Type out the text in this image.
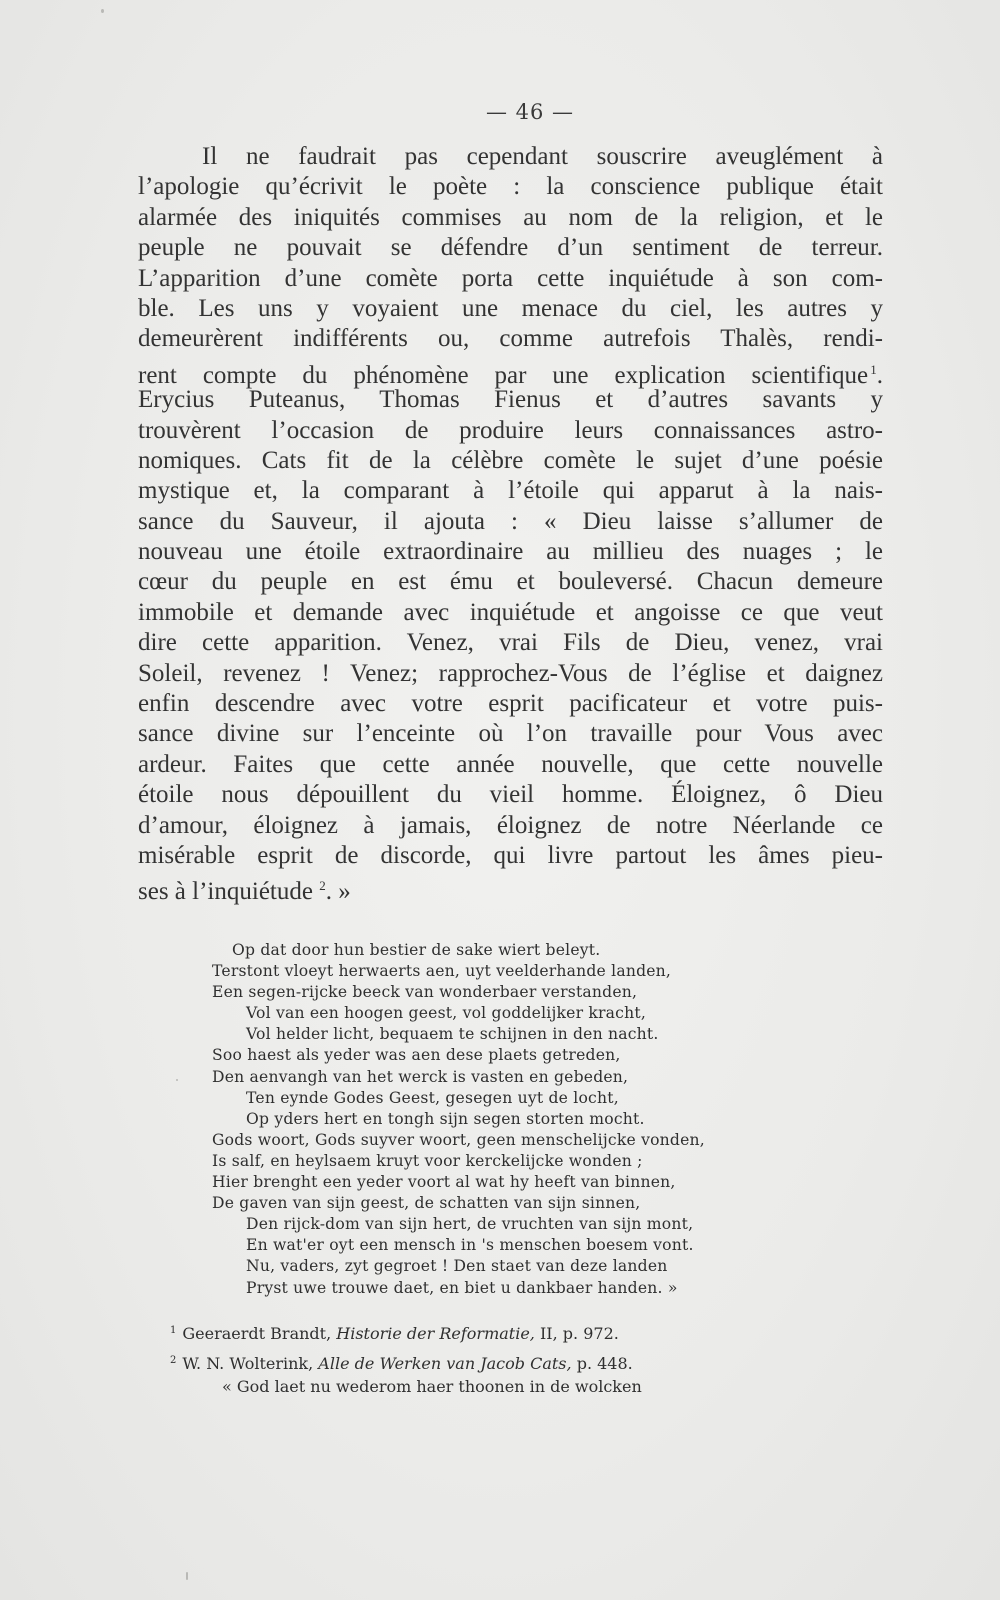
— 46 —
Il ne faudrait pas cependant souscrire aveuglément à
l’apologie qu’écrivit le poète : la conscience publique était
alarmée des iniquités commises au nom de la religion, et le
peuple ne pouvait se défendre d’un sentiment de terreur.
L’apparition d’une comète porta cette inquiétude à son com-
ble. Les uns y voyaient une menace du ciel, les autres y
demeurèrent indifférents ou, comme autrefois Thalès, rendi-
rent compte du phénomène par une explication scientifique  $^1$.
Erycius Puteanus, Thomas Fienus et d’autres savants y
trouvèrent l’occasion de produire leurs connaissances astro-
nomiques. Cats fit de la célèbre comète le sujet d’une poésie
mystique et, la comparant à l’étoile qui apparut à la nais-
sance du Sauveur, il ajouta : « Dieu laisse s’allumer de
nouveau une étoile extraordinaire au millieu des nuages ; le
cœur du peuple en est ému et bouleversé. Chacun demeure
immobile et demande avec inquiétude et angoisse ce que veut
dire cette apparition. Venez, vrai Fils de Dieu, venez, vrai
Soleil, revenez ! Venez; rapprochez-Vous de l’église et daignez
enfin descendre avec votre esprit pacificateur et votre puis-
sance divine sur l’enceinte où l’on travaille pour Vous avec
ardeur. Faites que cette année nouvelle, que cette nouvelle
étoile nous dépouillent du vieil homme. Éloignez, ô Dieu
d’amour, éloignez à jamais, éloignez de notre Néerlande ce
misérable esprit de discorde, qui livre partout les âmes pieu-
ses à l’inquiétude $^2$. »
Op dat door hun bestier de sake wiert beleyt.
Terstont vloeyt herwaerts aen, uyt veelderhande landen,
Een segen-rijcke beeck van wonderbaer verstanden,
Vol van een hoogen geest, vol goddelijker kracht,
Vol helder licht, bequaem te schijnen in den nacht.
Soo haest als yeder was aen dese plaets getreden,
Den aenvangh van het werck is vasten en gebeden,
Ten eynde Godes Geest, gesegen uyt de locht,
Op yders hert en tongh sijn segen storten mocht.
Gods woort, Gods suyver woort, geen menschelijcke vonden,
Is salf, en heylsaem kruyt voor kerckelijcke wonden ;
Hier brenght een yeder voort al wat hy heeft van binnen,
De gaven van sijn geest, de schatten van sijn sinnen,
Den rijck-dom van sijn hert, de vruchten van sijn mont,
En wat'er oyt een mensch in 's menschen boesem vont.
Nu, vaders, zyt gegroet ! Den staet van deze landen
Pryst uwe trouwe daet, en biet u dankbaer handen. »
$^1$ Geeraerdt Brandt, Historie der Reformatie, II, p. 972.
$^2$ W. N. Wolterink, Alle de Werken van Jacob Cats, p. 448.
« God laet nu wederom haer thoonen in de wolcken
